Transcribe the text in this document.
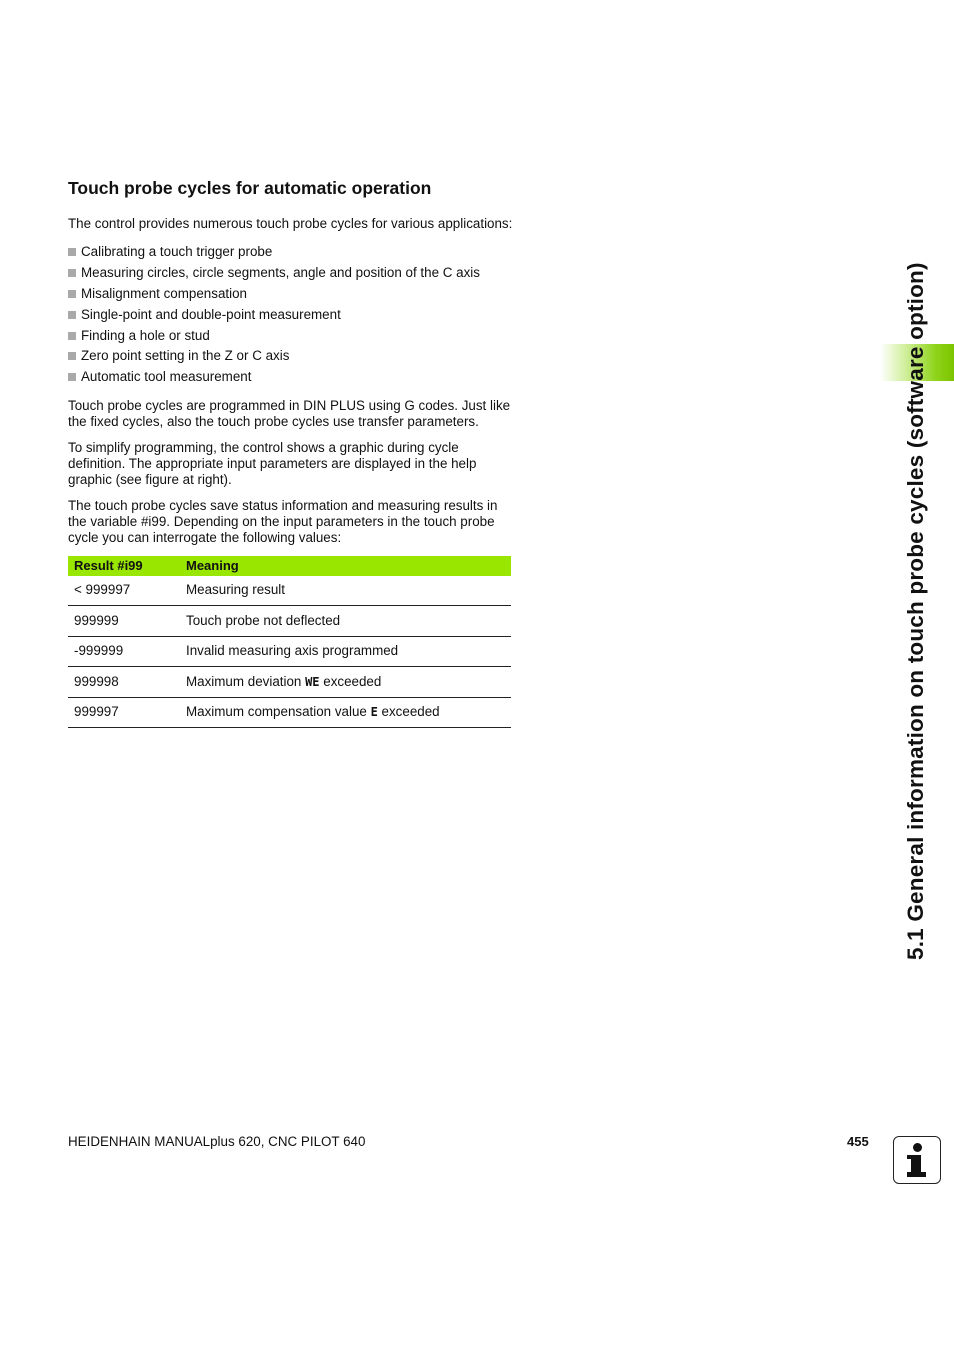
Touch probe cycles for automatic operation

The control provides numerous touch probe cycles for various applications:

Calibrating a touch trigger probe
Measuring circles, circle segments, angle and position of the C axis
Misalignment compensation
Single-point and double-point measurement
Finding a hole or stud
Zero point setting in the Z or C axis
Automatic tool measurement

Touch probe cycles are programmed in DIN PLUS using G codes. Just like the fixed cycles, also the touch probe cycles use transfer parameters.

To simplify programming, the control shows a graphic during cycle definition. The appropriate input parameters are displayed in the help graphic (see figure at right).

The touch probe cycles save status information and measuring results in the variable #i99. Depending on the input parameters in the touch probe cycle you can interrogate the following values:

Result #i99	Meaning
< 999997	Measuring result
999999	Touch probe not deflected
-999999	Invalid measuring axis programmed
999998	Maximum deviation WE exceeded
999997	Maximum compensation value E exceeded	5.1 General information on touch probe cycles (software option)
HEIDENHAIN MANUALplus 620, CNC PILOT 640	455
